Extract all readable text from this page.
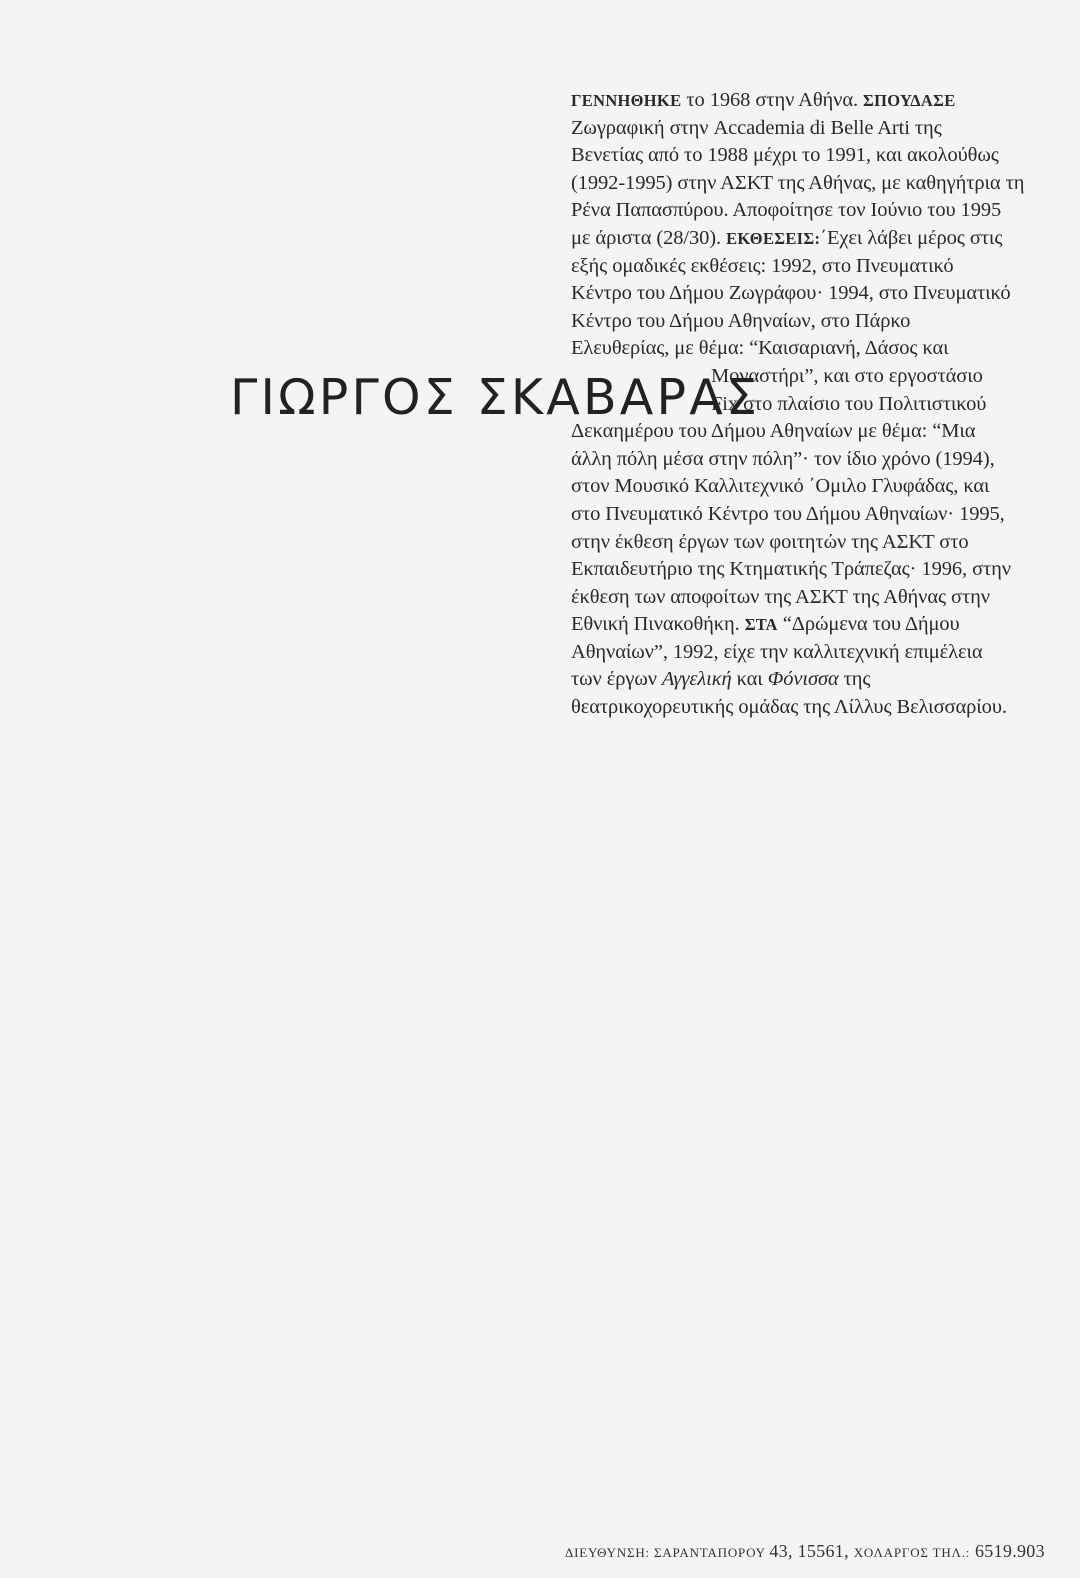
ΓΕΝΝΗΘΗΚΕ το 1968 στην Αθήνα. ΣΠΟΥΔΑΣΕ
Ζωγραφική στην Accademia di Belle Arti της
Βενετίας από το 1988 μέχρι το 1991, και ακολούθως
(1992-1995) στην ΑΣΚΤ της Αθήνας, με καθηγήτρια τη
Ρένα Παπασπύρου. Αποφοίτησε τον Ιούνιο του 1995
με άριστα (28/30). ΕΚΘΕΣΕΙΣ:΄Εχει λάβει μέρος στις
εξής ομαδικές εκθέσεις: 1992, στο Πνευματικό
Κέντρο του Δήμου Ζωγράφου· 1994, στο Πνευματικό
Κέντρο του Δήμου Αθηναίων, στο Πάρκο
Ελευθερίας, με θέμα: “Καισαριανή, Δάσος και
Μοναστήρι”, και στο εργοστάσιο
Fix στο πλαίσιο του Πολιτιστικού
Δεκαημέρου του Δήμου Αθηναίων με θέμα: “Μια
άλλη πόλη μέσα στην πόλη”· τον ίδιο χρόνο (1994),
στον Μουσικό Καλλιτεχνικό ΄Ομιλο Γλυφάδας, και
στο Πνευματικό Κέντρο του Δήμου Αθηναίων· 1995,
στην έκθεση έργων των φοιτητών της ΑΣΚΤ στο
Εκπαιδευτήριο της Κτηματικής Τράπεζας· 1996, στην
έκθεση των αποφοίτων της ΑΣΚΤ της Αθήνας στην
Εθνική Πινακοθήκη. ΣΤΑ “Δρώμενα του Δήμου
Αθηναίων”, 1992, είχε την καλλιτεχνική επιμέλεια
των έργων Αγγελική και Φόνισσα της
θεατρικοχορευτικής ομάδας της Λίλλυς Βελισσαρίου.
ΓΙΩΡΓΟΣ ΣΚΑΒΑΡΑΣ
ΔΙΕΥΘΥΝΣΗ: ΣΑΡΑΝΤΑΠΟΡΟΥ 43, 15561, ΧΟΛΑΡΓΟΣ ΤΗΛ.: 6519.903
